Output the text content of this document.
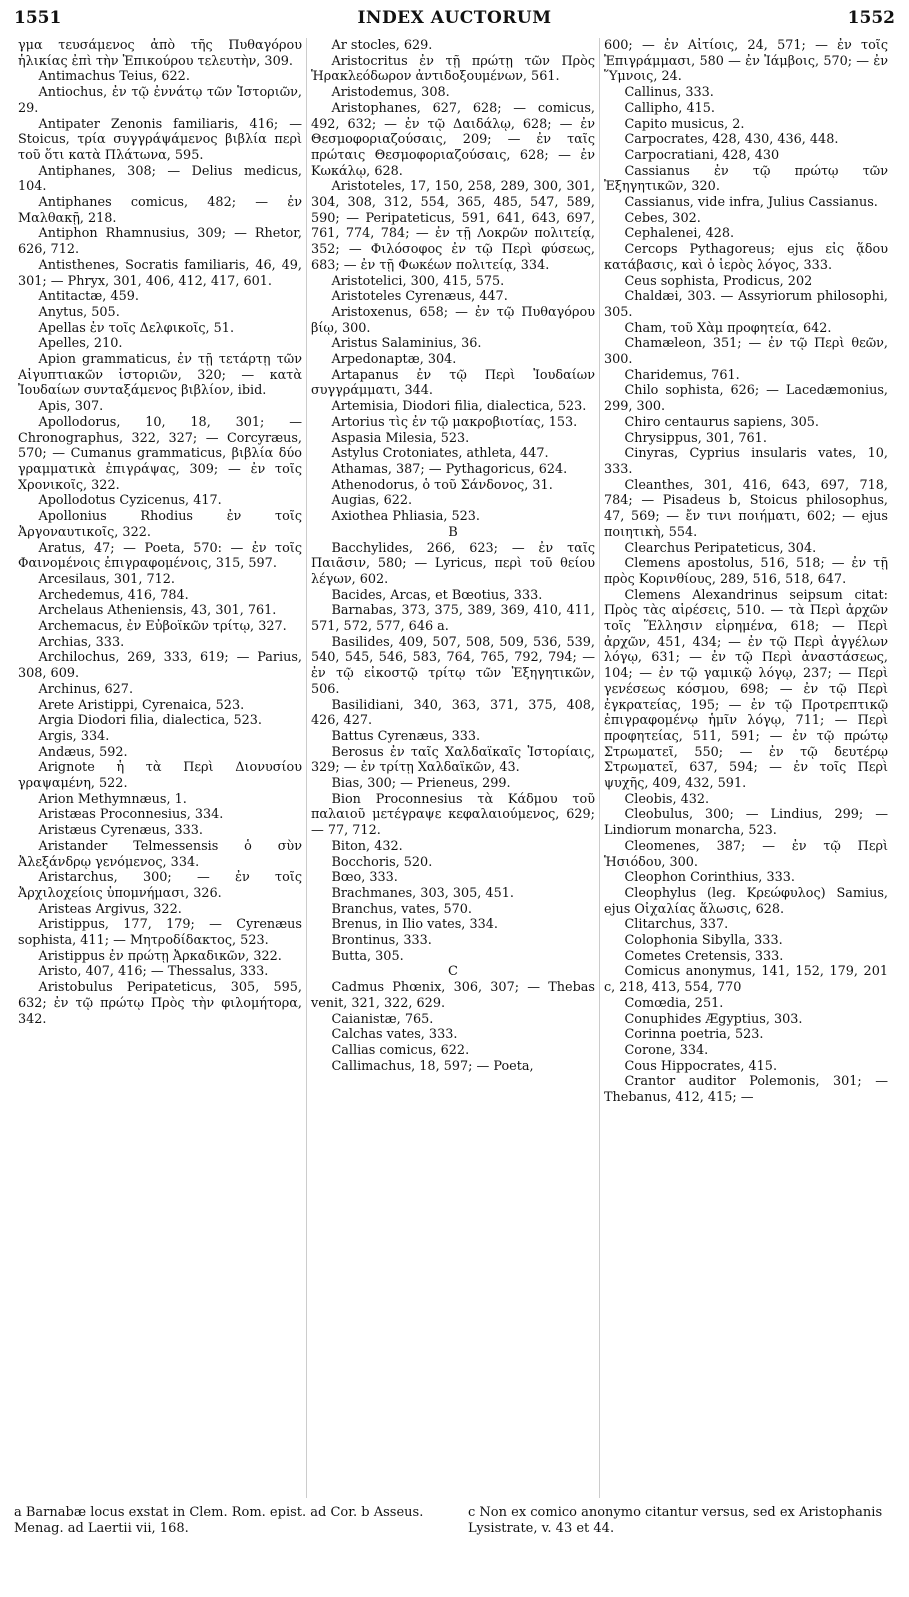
1551	INDEX AUCTORUM	1552

γμα τευσάμενος ἀπὸ τῆς Πυθαγόρου ἡλικίας ἐπὶ τὴν Ἐπικούρου τελευτὴν, 309.

Antimachus Teius, 622.

Antiochus, ἐν τῷ ἐννάτῳ τῶν Ἱστοριῶν, 29.

Antipater Zenonis familiaris, 416; — Stoicus, τρία συγγράψάμενος βιβλία περὶ τοῦ ὅτι κατὰ Πλάτωνα, 595.

Antiphanes, 308; — Delius medicus, 104.

Antiphanes comicus, 482; — ἐν Μαλθακῇ, 218.

Antiphon Rhamnusius, 309; — Rhetor, 626, 712.

Antisthenes, Socratis familiaris, 46, 49, 301; — Phryx, 301, 406, 412, 417, 601.

Antitactæ, 459.

Anytus, 505.

Apellas ἐν τοῖς Δελφικοῖς, 51.

Apelles, 210.

Apion grammaticus, ἐν τῇ τετάρτῃ τῶν Αἰγυπτιακῶν ἱστοριῶν, 320; — κατὰ Ἰουδαίων συνταξάμενος βιβλίον, ibid.

Apis, 307.

Apollodorus, 10, 18, 301; — Chronographus, 322, 327; — Corcyræus, 570; — Cumanus grammaticus, βιβλία δύο γραμματικὰ ἐπιγράψας, 309; — ἐν τοῖς Χρονικοῖς, 322.

Apollodotus Cyzicenus, 417.

Apollonius Rhodius ἐν τοῖς Ἀργοναυτικοῖς, 322.

Aratus, 47; — Poeta, 570: — ἐν τοῖς Φαινομένοις ἐπιγραφομένοις, 315, 597.

Arcesilaus, 301, 712.

Archedemus, 416, 784.

Archelaus Atheniensis, 43, 301, 761.

Archemacus, ἐν Εὐβοϊκῶν τρίτῳ, 327.

Archias, 333.

Archilochus, 269, 333, 619; — Parius, 308, 609.

Archinus, 627.

Arete Aristippi, Cyrenaica, 523.

Argia Diodori filia, dialectica, 523.

Argis, 334.

Andæus, 592.

Arignote ἡ τὰ Περὶ Διονυσίου γραψαμένη, 522.

Arion Methymnæus, 1.

Aristæas Proconnesius, 334.

Aristæus Cyrenæus, 333.

Aristander Telmessensis ὁ σὺν Ἀλεξάνδρῳ γενόμενος, 334.

Aristarchus, 300; — ἐν τοῖς Ἀρχιλοχείοις ὑπομνήμασι, 326.

Aristeas Argivus, 322.

Aristippus, 177, 179; — Cyrenæus sophista, 411; — Μητροδίδακτος, 523.

Aristippus ἐν πρώτῃ Ἀρκαδικῶν, 322.

Aristo, 407, 416; — Thessalus, 333.

Aristobulus Peripateticus, 305, 595, 632; ἐν τῷ πρώτῳ Πρὸς τὴν φιλομήτορα, 342.

Ar stocles, 629.

Aristocritus ἐν τῇ πρώτῃ τῶν Πρὸς Ἡρακλεόδωρον ἀντιδοξουμένων, 561.

Aristodemus, 308.

Aristophanes, 627, 628; — comicus, 492, 632; — ἐν τῷ Δαιδάλῳ, 628; — ἐν Θεσμοφοριαζούσαις, 209; — ἐν ταῖς πρώταις Θεσμοφοριαζούσαις, 628; — ἐν Κωκάλῳ, 628.

Aristoteles, 17, 150, 258, 289, 300, 301, 304, 308, 312, 554, 365, 485, 547, 589, 590; — Peripateticus, 591, 641, 643, 697, 761, 774, 784; — ἐν τῇ Λοκρῶν πολιτείᾳ, 352; — Φιλόσοφος ἐν τῷ Περὶ φύσεως, 683; — ἐν τῇ Φωκέων πολιτείᾳ, 334.

Aristotelici, 300, 415, 575.

Aristoteles Cyrenæus, 447.

Aristoxenus, 658; — ἐν τῷ Πυθαγόρου βίῳ, 300.

Aristus Salaminius, 36.

Arpedonaptæ, 304.

Artapanus ἐν τῷ Περὶ Ἰουδαίων συγγράμματι, 344.

Artemisia, Diodori filia, dialectica, 523.

Artorius τὶς ἐν τῷ μακροβιοτίας, 153.

Aspasia Milesia, 523.

Astylus Crotoniates, athleta, 447.

Athamas, 387; — Pythagoricus, 624.

Athenodorus, ὁ τοῦ Σάνδονος, 31.

Augias, 622.

Axiothea Phliasia, 523.

B

Bacchylides, 266, 623; — ἐν ταῖς Παιᾶσιν, 580; — Lyricus, περὶ τοῦ θείου λέγων, 602.

Bacides, Arcas, et Bœotius, 333.

Barnabas, 373, 375, 389, 369, 410, 411, 571, 572, 577, 646 a.

Basilides, 409, 507, 508, 509, 536, 539, 540, 545, 546, 583, 764, 765, 792, 794; — ἐν τῷ εἰκοστῷ τρίτῳ τῶν Ἐξηγητικῶν, 506.

Basilidiani, 340, 363, 371, 375, 408, 426, 427.

Battus Cyrenæus, 333.

Berosus ἐν ταῖς Χαλδαϊκαῖς Ἱστορίαις, 329; — ἐν τρίτῃ Χαλδαϊκῶν, 43.

Bias, 300; — Prieneus, 299.

Bion Proconnesius τὰ Κάδμου τοῦ παλαιοῦ μετέγραψε κεφαλαιούμενος, 629; — 77, 712.

Biton, 432.

Bocchoris, 520.

Bœo, 333.

Brachmanes, 303, 305, 451.

Branchus, vates, 570.

Brenus, in Ilio vates, 334.

Brontinus, 333.

Butta, 305.

C

Cadmus Phœnix, 306, 307; — Thebas venit, 321, 322, 629.

Caianistæ, 765.

Calchas vates, 333.

Callias comicus, 622.

Callimachus, 18, 597; — Poeta,

600; — ἐν Αἰτίοις, 24, 571; — ἐν τοῖς Ἐπιγράμμασι, 580 — ἐν Ἰάμβοις, 570; — ἐν Ὕμνοις, 24.

Callinus, 333.

Callipho, 415.

Capito musicus, 2.

Carpocrates, 428, 430, 436, 448.

Carpocratiani, 428, 430

Cassianus ἐν τῷ πρώτῳ τῶν Ἐξηγητικῶν, 320.

Cassianus, vide infra, Julius Cassianus.

Cebes, 302.

Cephalenei, 428.

Cercops Pythagoreus; ejus εἰς ᾅδου κατάβασις, καὶ ὁ ἱερὸς λόγος, 333.

Ceus sophista, Prodicus, 202

Chaldæi, 303. — Assyriorum philosophi, 305.

Cham, τοῦ Χὰμ προφητεία, 642.

Chamæleon, 351; — ἐν τῷ Περὶ θεῶν, 300.

Charidemus, 761.

Chilo sophista, 626; — Lacedæmonius, 299, 300.

Chiro centaurus sapiens, 305.

Chrysippus, 301, 761.

Cinyras, Cyprius insularis vates, 10, 333.

Cleanthes, 301, 416, 643, 697, 718, 784; — Pisadeus b, Stoicus philosophus, 47, 569; — ἔν τινι ποιήματι, 602; — ejus ποιητικὴ, 554.

Clearchus Peripateticus, 304.

Clemens apostolus, 516, 518; — ἐν τῇ πρὸς Κορινθίους, 289, 516, 518, 647.

Clemens Alexandrinus seipsum citat: Πρὸς τὰς αἱρέσεις, 510. — τὰ Περὶ ἀρχῶν τοῖς Ἕλλησιν εἰρημένα, 618; — Περὶ ἀρχῶν, 451, 434; — ἐν τῷ Περὶ ἀγγέλων λόγῳ, 631; — ἐν τῷ Περὶ ἀναστάσεως, 104; — ἐν τῷ γαμικῷ λόγῳ, 237; — Περὶ γενέσεως κόσμου, 698; — ἐν τῷ Περὶ ἐγκρατείας, 195; — ἐν τῷ Προτρεπτικῷ ἐπιγραφομένῳ ἡμῖν λόγῳ, 711; — Περὶ προφητείας, 511, 591; — ἐν τῷ πρώτῳ Στρωματεῖ, 550; — ἐν τῷ δευτέρῳ Στρωματεῖ, 637, 594; — ἐν τοῖς Περὶ ψυχῆς, 409, 432, 591.

Cleobis, 432.

Cleobulus, 300; — Lindius, 299; — Lindiorum monarcha, 523.

Cleomenes, 387; — ἐν τῷ Περὶ Ἡσιόδου, 300.

Cleophon Corinthius, 333.

Cleophylus (leg. Κρεώφυλος) Samius, ejus Οἰχαλίας ἅλωσις, 628.

Clitarchus, 337.

Colophonia Sibylla, 333.

Cometes Cretensis, 333.

Comicus anonymus, 141, 152, 179, 201 c, 218, 413, 554, 770

Comœdia, 251.

Conuphides Ægyptius, 303.

Corinna poetria, 523.

Corone, 334.

Cous Hippocrates, 415.

Crantor auditor Polemonis, 301; — Thebanus, 412, 415; —

a Barnabæ locus exstat in Clem. Rom. epist. ad Cor. b Asseus. Menag. ad Laertii vii, 168.
c Non ex comico anonymo citantur versus, sed ex Aristophanis Lysistrate, v. 43 et 44.
